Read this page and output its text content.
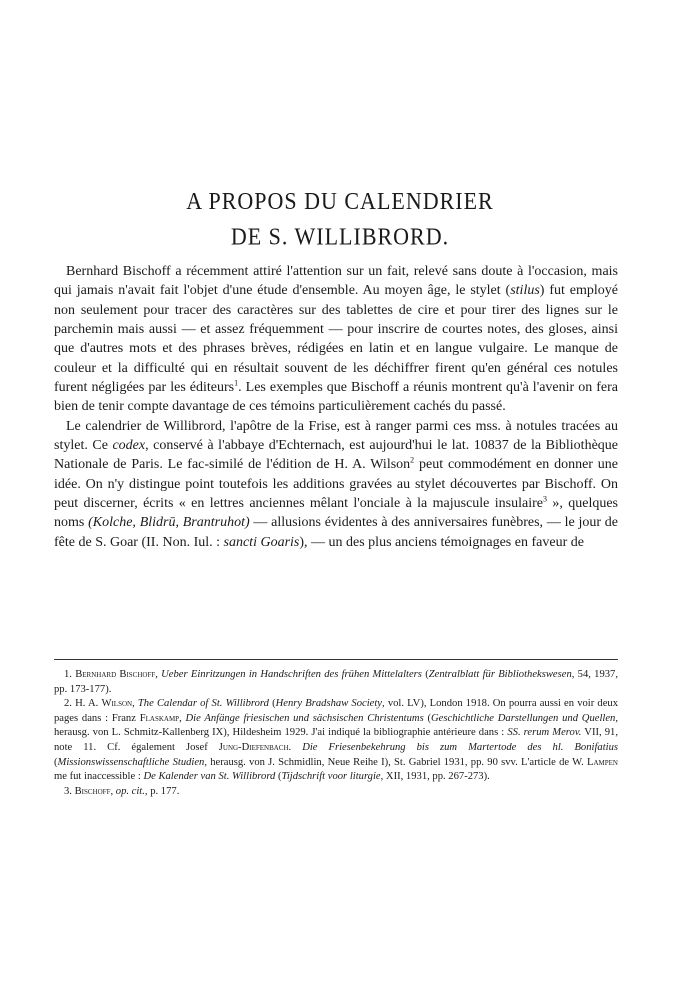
A PROPOS DU CALENDRIER
DE S. WILLIBRORD.

Bernhard Bischoff a récemment attiré l'attention sur un fait, relevé sans doute à l'occasion, mais qui jamais n'avait fait l'objet d'une étude d'ensemble. Au moyen âge, le stylet (stilus) fut employé non seulement pour tracer des caractères sur des tablettes de cire et pour tirer des lignes sur le parchemin mais aussi — et assez fréquemment — pour inscrire de courtes notes, des gloses, ainsi que d'autres mots et des phrases brèves, rédigées en latin et en langue vulgaire. Le manque de couleur et la difficulté qui en résultait souvent de les déchiffrer firent qu'en général ces notules furent négligées par les éditeurs$^1$. Les exemples que Bischoff a réunis montrent qu'à l'avenir on fera bien de tenir compte davantage de ces témoins particulièrement cachés du passé.

Le calendrier de Willibrord, l'apôtre de la Frise, est à ranger parmi ces mss. à notules tracées au stylet. Ce codex, conservé à l'abbaye d'Echternach, est aujourd'hui le lat. 10837 de la Bibliothèque Nationale de Paris. Le fac-similé de l'édition de H. A. Wilson$^2$ peut commodément en donner une idée. On n'y distingue point toutefois les additions gravées au stylet découvertes par Bischoff. On peut discerner, écrits « en lettres anciennes mêlant l'onciale à la majuscule insulaire$^3$ », quelques noms (Kolche, Blidrū, Brantruhot) — allusions évidentes à des anniversaires funèbres, — le jour de fête de S. Goar (II. Non. Iul. : sancti Goaris), — un des plus anciens témoignages en faveur de

1. Bernhard Bischoff, Ueber Einritzungen in Handschriften des frühen Mittelalters (Zentralblatt für Bibliothekswesen, 54, 1937, pp. 173-177).

2. H. A. Wilson, The Calendar of St. Willibrord (Henry Bradshaw Society, vol. LV), London 1918. On pourra aussi en voir deux pages dans : Franz Flaskamp, Die Anfänge friesischen und sächsischen Christentums (Geschichtliche Darstellungen und Quellen, herausg. von L. Schmitz-Kallenberg IX), Hildesheim 1929. J'ai indiqué la bibliographie antérieure dans : SS. rerum Merov. VII, 91, note 11. Cf. également Josef Jung-Diefenbach. Die Friesenbekehrung bis zum Martertode des hl. Bonifatius (Missionswissenschaftliche Studien, herausg. von J. Schmidlin, Neue Reihe I), St. Gabriel 1931, pp. 90 svv. L'article de W. Lampen me fut inaccessible : De Kalender van St. Willibrord (Tijdschrift voor liturgie, XII, 1931, pp. 267-273).

3. Bischoff, op. cit., p. 177.
